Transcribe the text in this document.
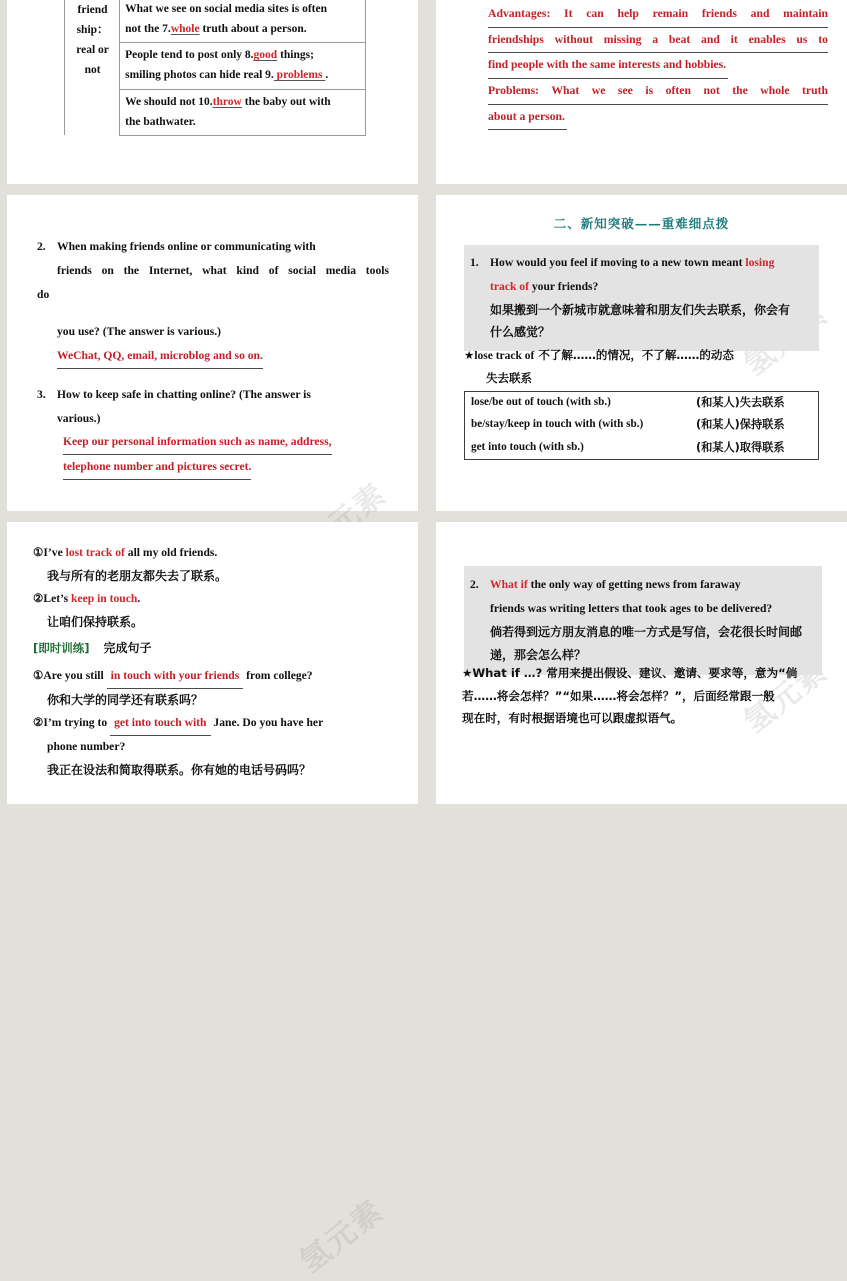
friend
ship：
real or
not
	What we see on social media sites is often
not the 7.whole truth about a person.
People tend to post only 8.good things;
smiling photos can hide real 9. problems .
We should not 10.throw the baby out with
the bathwater.
Advantages: It can help remain friends and maintain
friendships without missing a beat and it enables us to
find people with the same interests and hobbies.
Problems: What we see is often not the whole truth
about a person.
氢元素
2. When making friends online or communicating with
friends on the Internet, what kind of social media tools
do
you use? (The answer is various.)
WeChat, QQ, email, microblog and so on.
3. How to keep safe in chatting online? (The answer is
various.)
Keep our personal information such as name, address,
telephone number and pictures secret.
二、新知突破——重难细点拨
1. How would you feel if moving to a new town meant losing
track of your friends?
如果搬到一个新城市就意味着和朋友们失去联系，你会有
什么感觉？
★lose track of 不了解……的情况，不了解……的动态
失去联系
lose/be out of touch (with sb.)	(和某人)失去联系
be/stay/keep in touch with (with sb.)	(和某人)保持联系
get into touch (with sb.)	(和某人)取得联系
氢元素
①I’ve lost track of all my old friends.
我与所有的老朋友都失去了联系。
②Let’s keep in touch.
让咱们保持联系。
[即时训练] 完成句子
①Are you still in touch with your friends from college?
你和大学的同学还有联系吗？
②I’m trying to get into touch with Jane. Do you have her
phone number?
我正在设法和简取得联系。你有她的电话号码吗？
氢元素
2. What if the only way of getting news from faraway
friends was writing letters that took ages to be delivered?
倘若得到远方朋友消息的唯一方式是写信，会花很长时间邮
递，那会怎么样？
★What if …? 常用来提出假设、建议、邀请、要求等，意为“倘
若……将会怎样？”“如果……将会怎样？”，后面经常跟一般
现在时，有时根据语境也可以跟虚拟语气。
